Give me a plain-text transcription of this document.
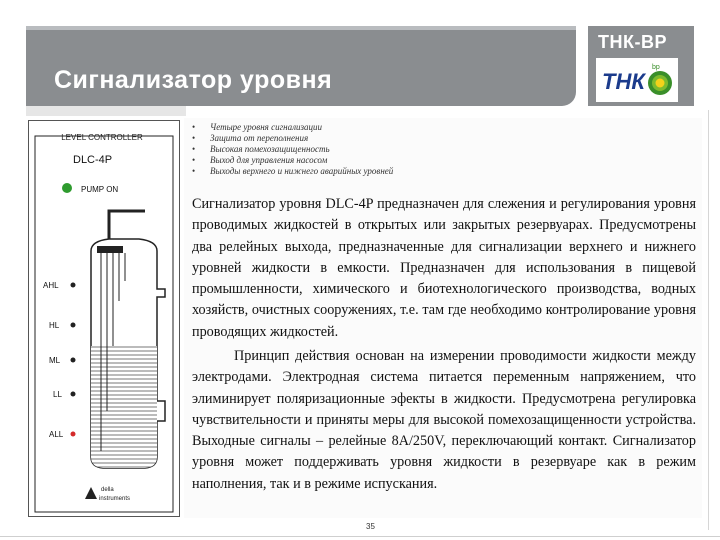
Сигнализатор уровня
ТНК-ВР
ТНК
bp
LEVEL CONTROLLER
DLC-4P
PUMP ON
AHL
HL
ML
LL
ALL
della
instruments
• Четыре уровня сигнализации
• Защита от переполнения
• Высокая помехозащищенность
• Выход для управления насосом
• Выходы верхнего и нижнего аварийных уровней

Сигнализатор уровня DLC-4P предназначен для слежения и регулирования уровня проводимых жидкостей в открытых или закрытых резервуарах. Предусмотрены два релейных выхода, предназначенные для сигнализации верхнего и нижнего уровней жидкости в емкости. Предназначен для использования в пищевой промышленности, химического и биотехнологического производства, водных хозяйств, очистных сооружениях, т.е. там где необходимо контролирование уровня проводящих жидкостей.

Принцип действия основан на измерении проводимости жидкости между электродами. Электродная система питается переменным напряжением, что элиминирует поляризационные эфекты в жидкости. Предусмотрена регулировка чувствительности и приняты меры для высокой помехозащищенности устройства. Выходные сигналы – релейные 8A/250V, переключающий контакт. Сигнализатор уровня может поддерживать уровня жидкости в резервуаре как в режим наполнения, так и в режиме испускания.

35
